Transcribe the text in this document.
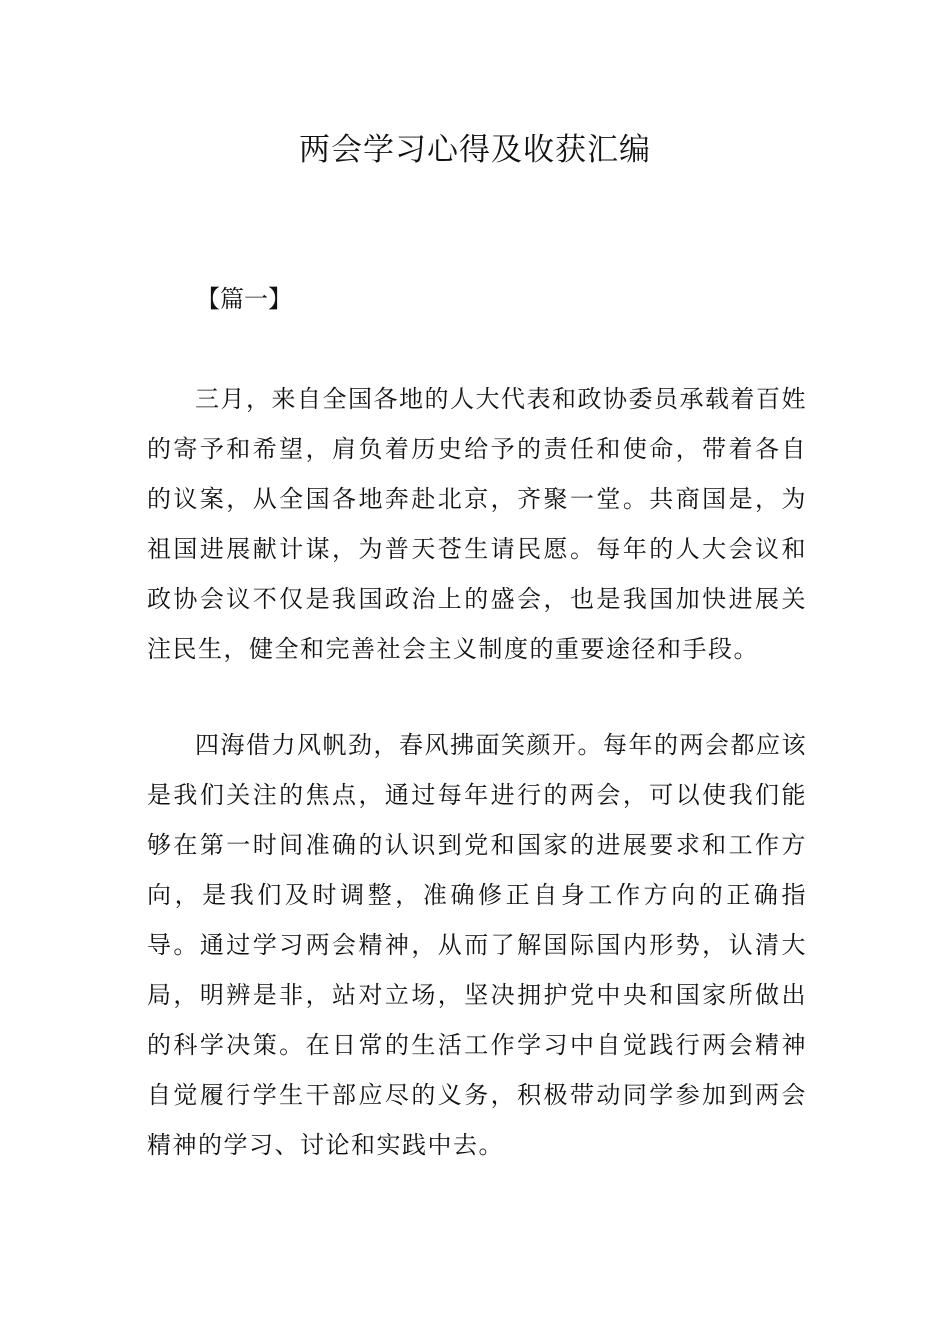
两会学习心得及收获汇编

【篇一】

三月，来自全国各地的人大代表和政协委员承载着百姓的寄予和希望，肩负着历史给予的责任和使命，带着各自的议案，从全国各地奔赴北京，齐聚一堂。共商国是，为祖国进展献计谋，为普天苍生请民愿。每年的人大会议和政协会议不仅是我国政治上的盛会，也是我国加快进展关注民生，健全和完善社会主义制度的重要途径和手段。

四海借力风帆劲，春风拂面笑颜开。每年的两会都应该是我们关注的焦点，通过每年进行的两会，可以使我们能够在第一时间准确的认识到党和国家的进展要求和工作方向，是我们及时调整，准确修正自身工作方向的正确指导。通过学习两会精神，从而了解国际国内形势，认清大局，明辨是非，站对立场，坚决拥护党中央和国家所做出的科学决策。在日常的生活工作学习中自觉践行两会精神自觉履行学生干部应尽的义务，积极带动同学参加到两会精神的学习、讨论和实践中去。
